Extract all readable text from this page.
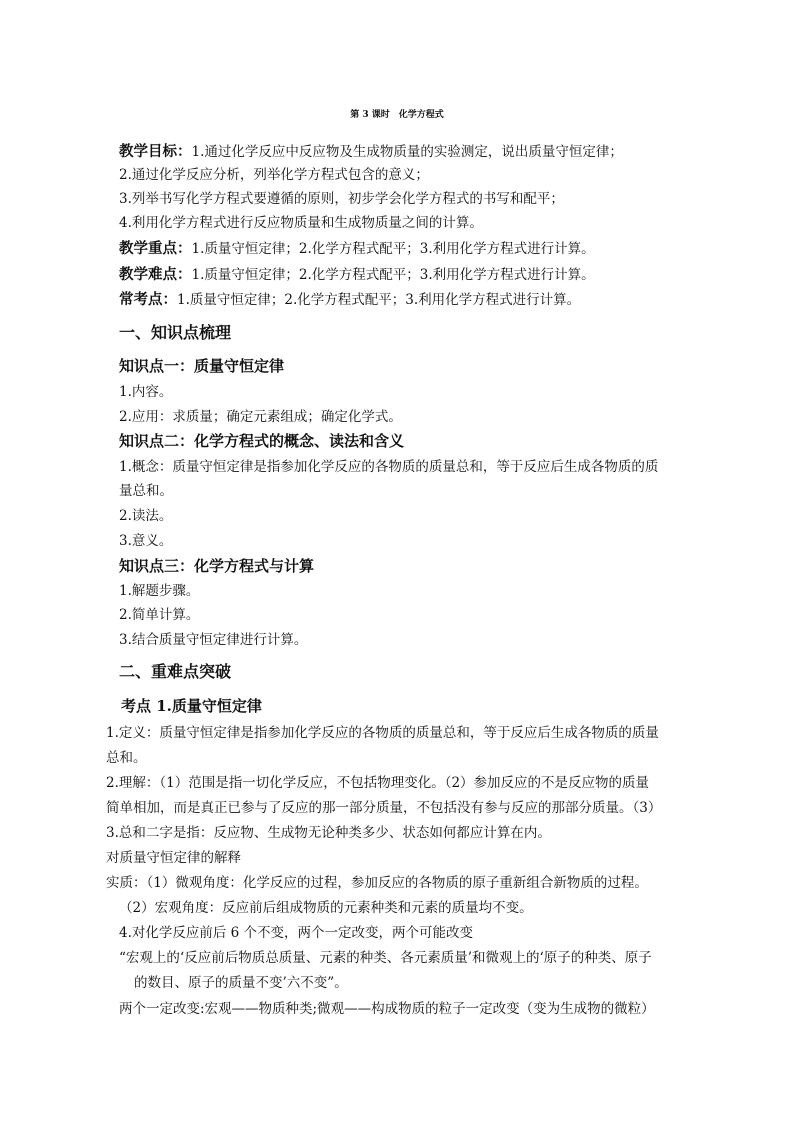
第 3 课时　化学方程式
教学目标：1.通过化学反应中反应物及生成物质量的实验测定，说出质量守恒定律；
2.通过化学反应分析，列举化学方程式包含的意义；
3.列举书写化学方程式要遵循的原则，初步学会化学方程式的书写和配平；
4.利用化学方程式进行反应物质量和生成物质量之间的计算。
教学重点：1.质量守恒定律；2.化学方程式配平；3.利用化学方程式进行计算。
教学难点：1.质量守恒定律；2.化学方程式配平；3.利用化学方程式进行计算。
常考点：1.质量守恒定律；2.化学方程式配平；3.利用化学方程式进行计算。
一、知识点梳理
知识点一：质量守恒定律
1.内容。
2.应用：求质量；确定元素组成；确定化学式。
知识点二：化学方程式的概念、读法和含义
1.概念：质量守恒定律是指参加化学反应的各物质的质量总和，等于反应后生成各物质的质
量总和。
2.读法。
3.意义。
知识点三：化学方程式与计算
1.解题步骤。
2.简单计算。
3.结合质量守恒定律进行计算。
二、重难点突破
考点 1.质量守恒定律
1.定义：质量守恒定律是指参加化学反应的各物质的质量总和，等于反应后生成各物质的质量
总和。
2.理解：（1）范围是指一切化学反应，不包括物理变化。（2）参加反应的不是反应物的质量
简单相加，而是真正已参与了反应的那一部分质量，不包括没有参与反应的那部分质量。（3）
3.总和二字是指：反应物、生成物无论种类多少、状态如何都应计算在内。
对质量守恒定律的解释
实质：（1）微观角度：化学反应的过程，参加反应的各物质的原子重新组合新物质的过程。
（2）宏观角度：反应前后组成物质的元素种类和元素的质量均不变。
4.对化学反应前后 6 个不变，两个一定改变，两个可能改变
“宏观上的‘反应前后物质总质量、元素的种类、各元素质量’和微观上的‘原子的种类、原子
的数目、原子的质量不变’六不变”。
两个一定改变:宏观——物质种类;微观——构成物质的粒子一定改变（变为生成物的微粒）
